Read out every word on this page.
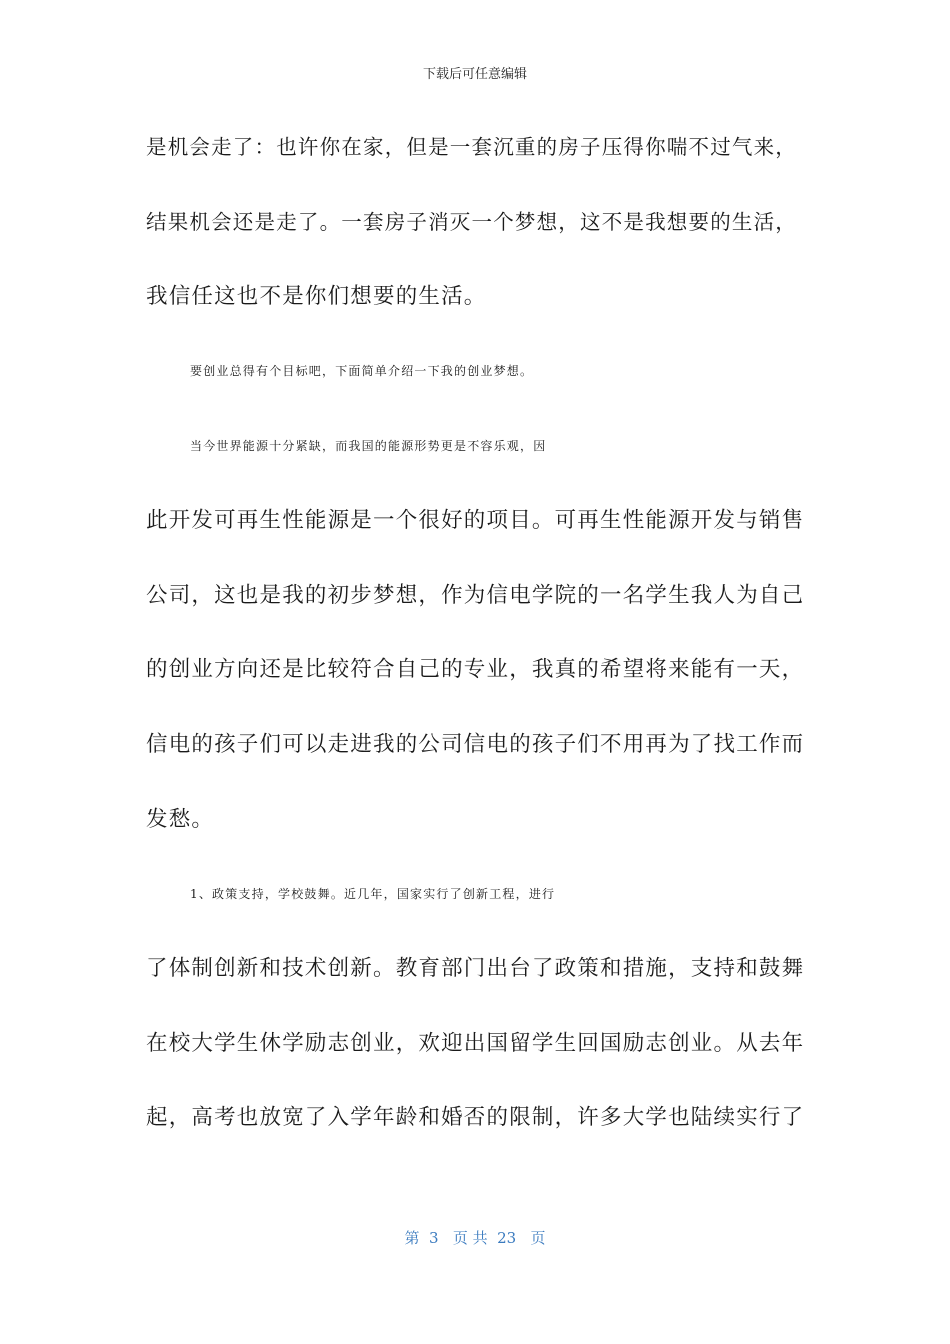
下载后可任意编辑
是机会走了：也许你在家，但是一套沉重的房子压得你喘不过气来，
结果机会还是走了。一套房子消灭一个梦想，这不是我想要的生活，
我信任这也不是你们想要的生活。
要创业总得有个目标吧，下面简单介绍一下我的创业梦想。
当今世界能源十分紧缺，而我国的能源形势更是不容乐观，因
此开发可再生性能源是一个很好的项目。可再生性能源开发与销售
公司，这也是我的初步梦想，作为信电学院的一名学生我人为自己
的创业方向还是比较符合自己的专业，我真的希望将来能有一天，
信电的孩子们可以走进我的公司信电的孩子们不用再为了找工作而
发愁。
1、政策支持，学校鼓舞。近几年，国家实行了创新工程，进行
了体制创新和技术创新。教育部门出台了政策和措施，支持和鼓舞
在校大学生休学励志创业，欢迎出国留学生回国励志创业。从去年
起，高考也放宽了入学年龄和婚否的限制，许多大学也陆续实行了
第  3   页 共  23   页
